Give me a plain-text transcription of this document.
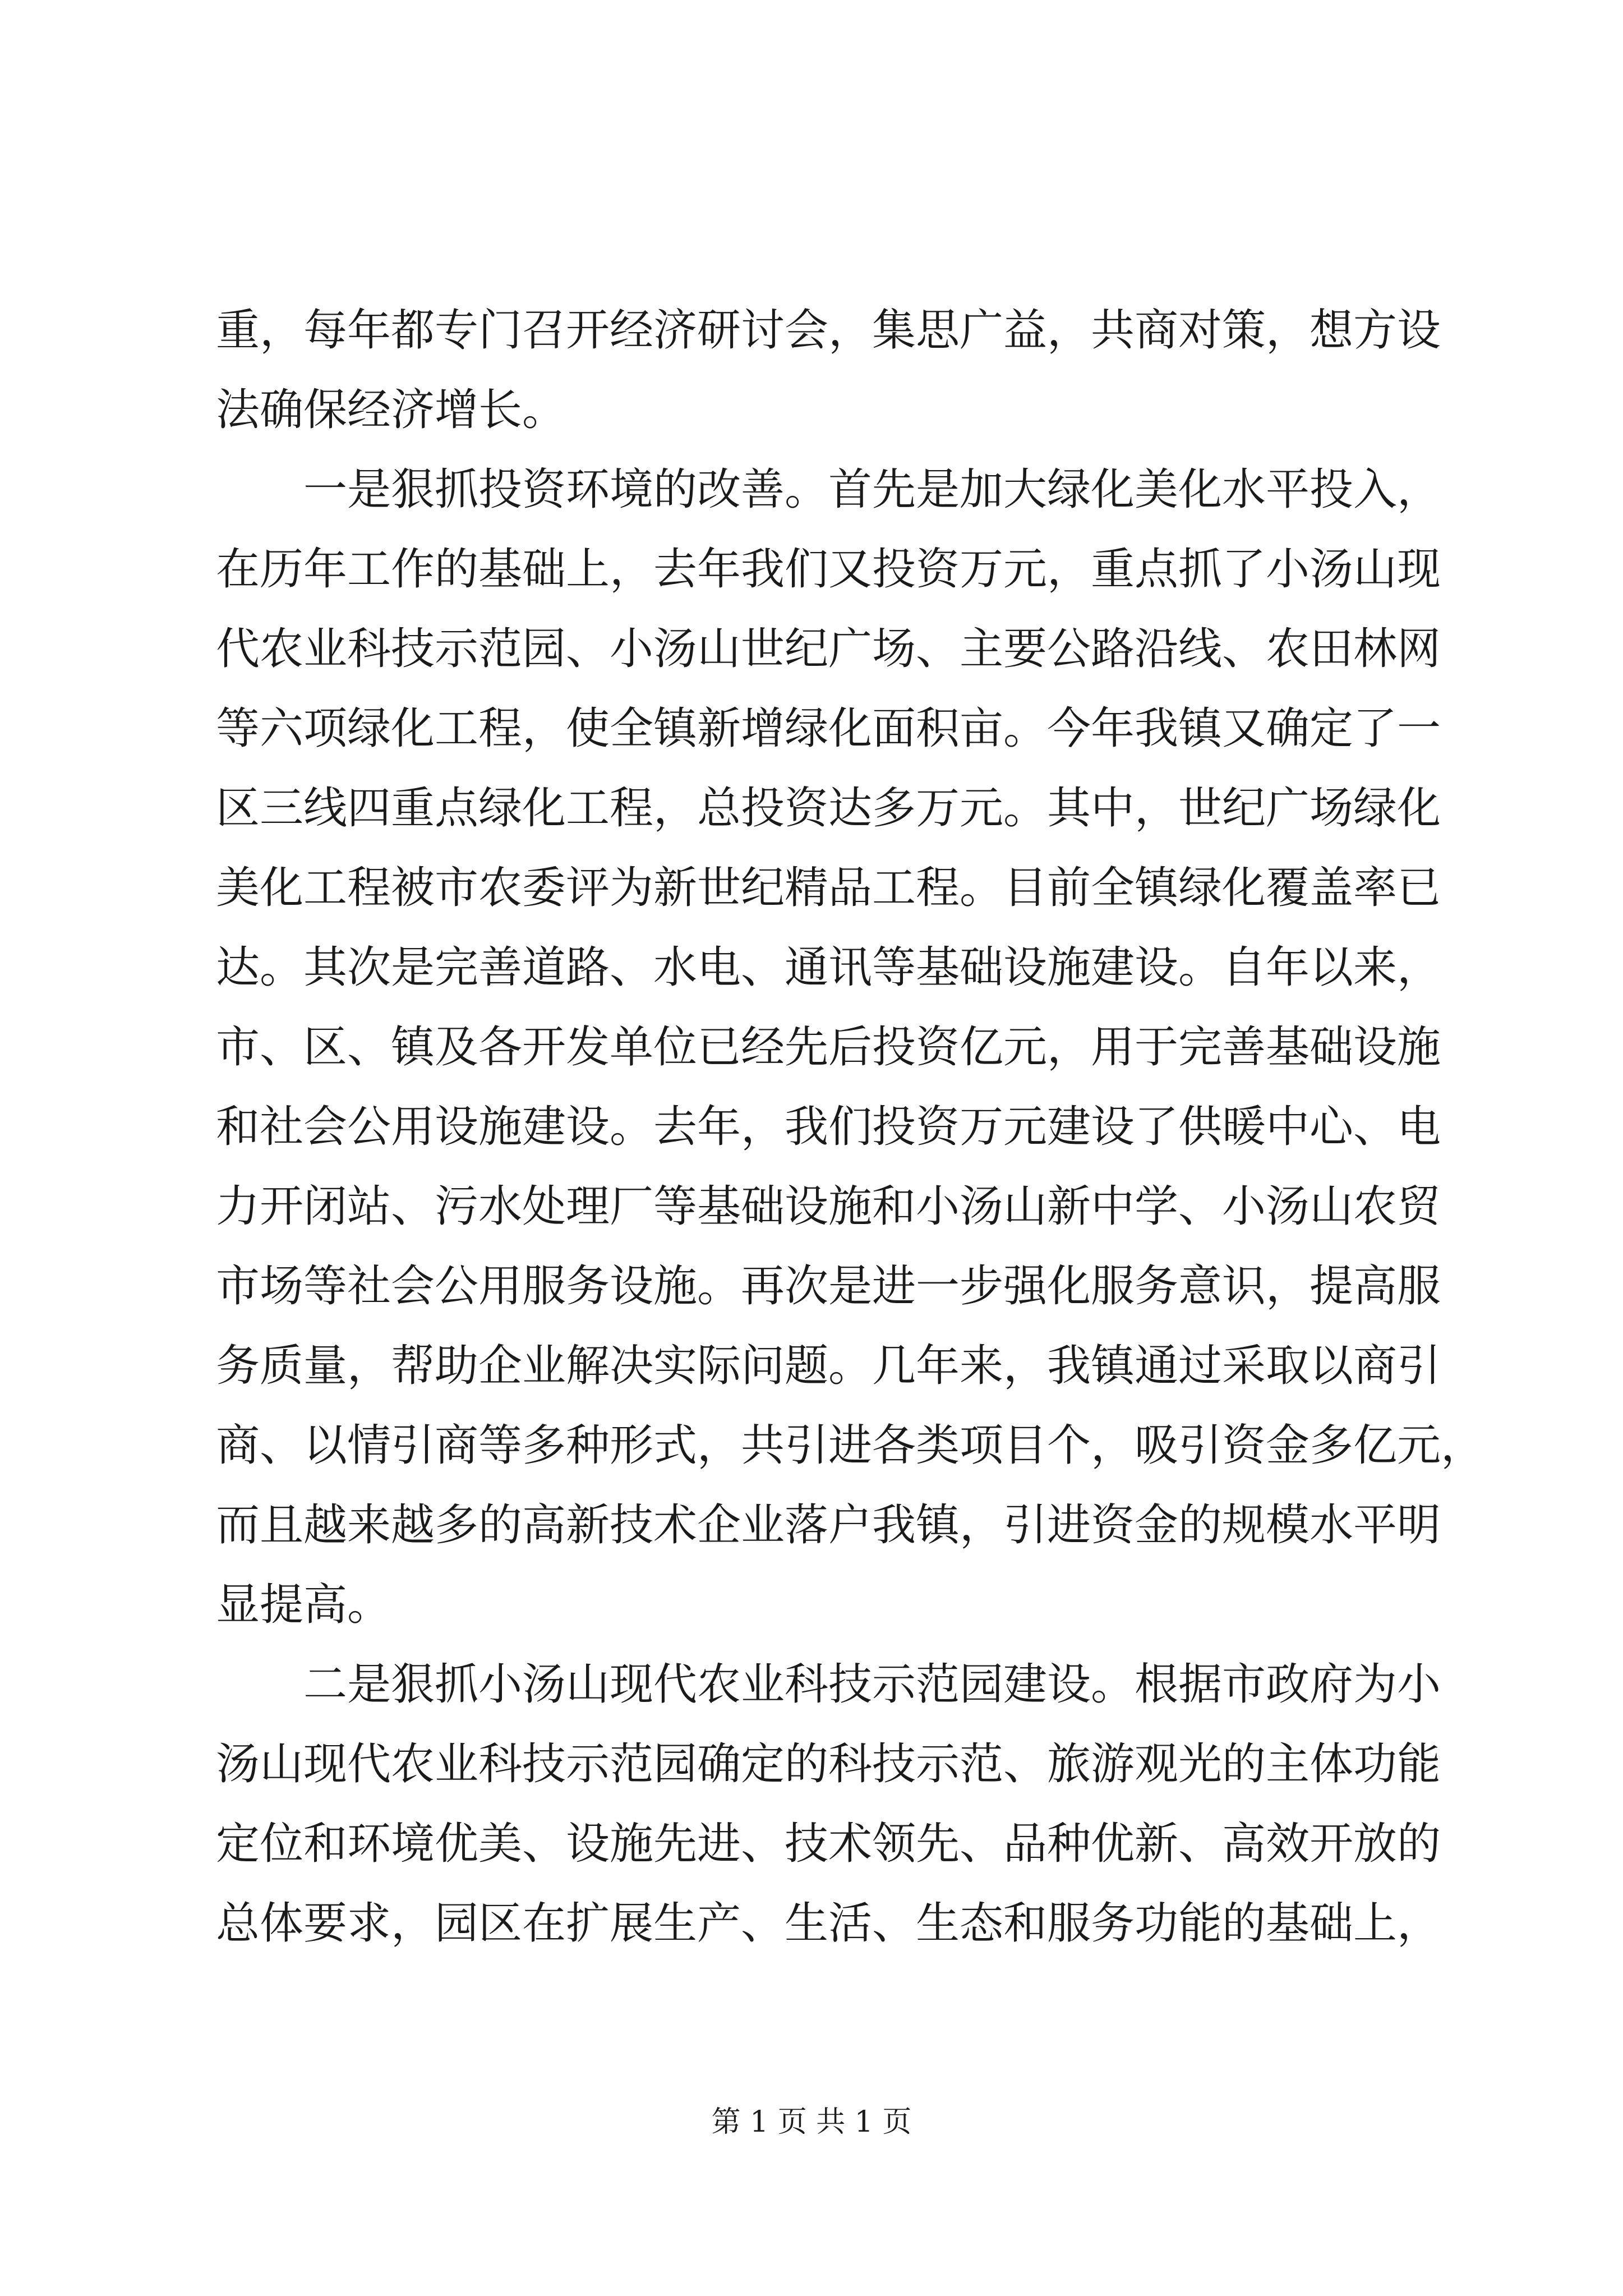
重，每年都专门召开经济研讨会，集思广益，共商对策，想方设
法确保经济增长。
一是狠抓投资环境的改善。首先是加大绿化美化水平投入，
在历年工作的基础上，去年我们又投资万元，重点抓了小汤山现
代农业科技示范园、小汤山世纪广场、主要公路沿线、农田林网
等六项绿化工程，使全镇新增绿化面积亩。今年我镇又确定了一
区三线四重点绿化工程，总投资达多万元。其中，世纪广场绿化
美化工程被市农委评为新世纪精品工程。目前全镇绿化覆盖率已
达。其次是完善道路、水电、通讯等基础设施建设。自年以来，
市、区、镇及各开发单位已经先后投资亿元，用于完善基础设施
和社会公用设施建设。去年，我们投资万元建设了供暖中心、电
力开闭站、污水处理厂等基础设施和小汤山新中学、小汤山农贸
市场等社会公用服务设施。再次是进一步强化服务意识，提高服
务质量，帮助企业解决实际问题。几年来，我镇通过采取以商引
商、以情引商等多种形式，共引进各类项目个，吸引资金多亿元，
而且越来越多的高新技术企业落户我镇，引进资金的规模水平明
显提高。
二是狠抓小汤山现代农业科技示范园建设。根据市政府为小
汤山现代农业科技示范园确定的科技示范、旅游观光的主体功能
定位和环境优美、设施先进、技术领先、品种优新、高效开放的
总体要求，园区在扩展生产、生活、生态和服务功能的基础上，
第 1 页 共 1 页
